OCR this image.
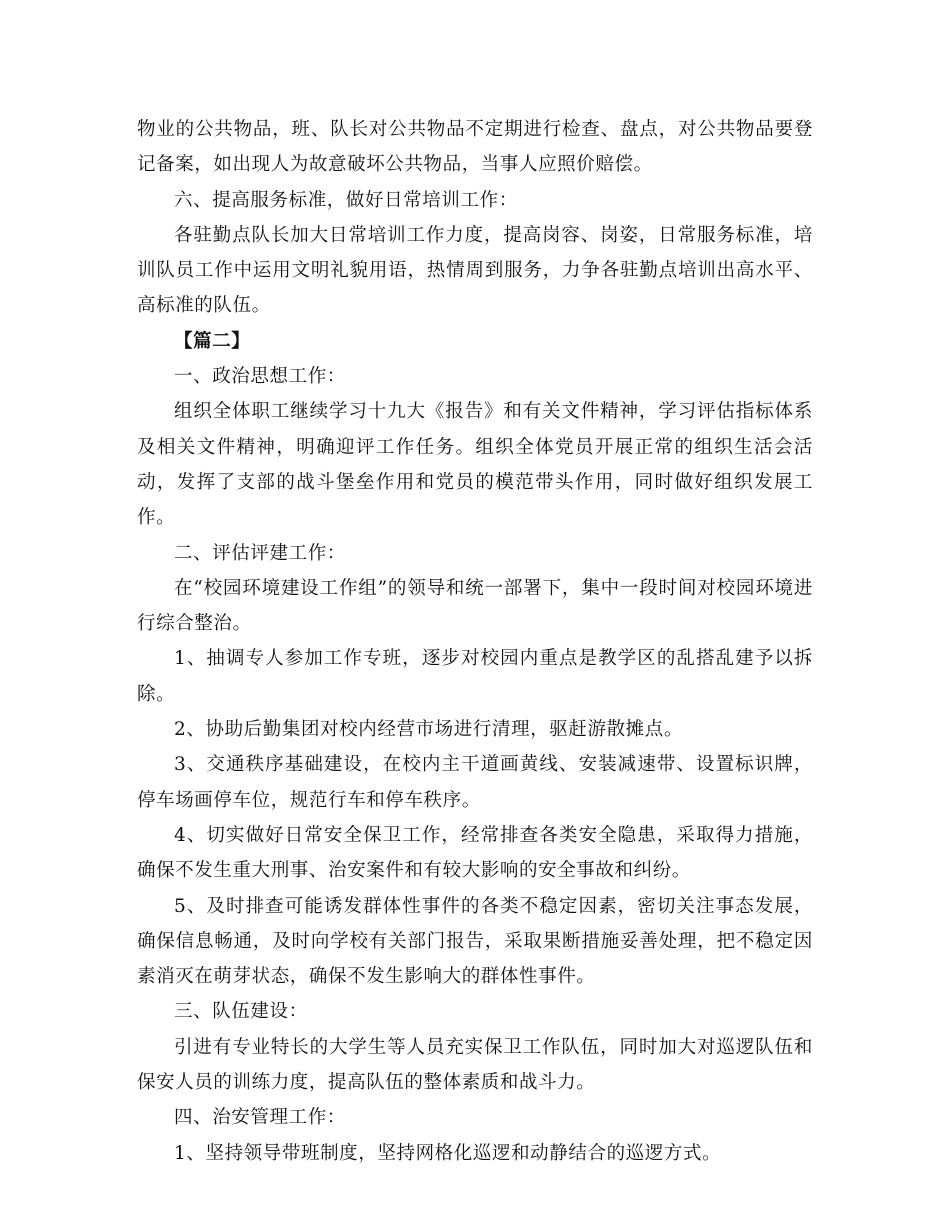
物业的公共物品，班、队长对公共物品不定期进行检查、盘点，对公共物品要登记备案，如出现人为故意破坏公共物品，当事人应照价赔偿。

六、提高服务标准，做好日常培训工作：

各驻勤点队长加大日常培训工作力度，提高岗容、岗姿，日常服务标准，培训队员工作中运用文明礼貌用语，热情周到服务，力争各驻勤点培训出高水平、高标准的队伍。

【篇二】

一、政治思想工作：

组织全体职工继续学习十九大《报告》和有关文件精神，学习评估指标体系及相关文件精神，明确迎评工作任务。组织全体党员开展正常的组织生活会活动，发挥了支部的战斗堡垒作用和党员的模范带头作用，同时做好组织发展工作。

二、评估评建工作：

在“校园环境建设工作组”的领导和统一部署下，集中一段时间对校园环境进行综合整治。

1、抽调专人参加工作专班，逐步对校园内重点是教学区的乱搭乱建予以拆除。

2、协助后勤集团对校内经营市场进行清理，驱赶游散摊点。

3、交通秩序基础建设，在校内主干道画黄线、安装减速带、设置标识牌，停车场画停车位，规范行车和停车秩序。

4、切实做好日常安全保卫工作，经常排查各类安全隐患，采取得力措施，确保不发生重大刑事、治安案件和有较大影响的安全事故和纠纷。

5、及时排查可能诱发群体性事件的各类不稳定因素，密切关注事态发展，确保信息畅通，及时向学校有关部门报告，采取果断措施妥善处理，把不稳定因素消灭在萌芽状态，确保不发生影响大的群体性事件。

三、队伍建设：

引进有专业特长的大学生等人员充实保卫工作队伍，同时加大对巡逻队伍和保安人员的训练力度，提高队伍的整体素质和战斗力。

四、治安管理工作：

1、坚持领导带班制度，坚持网格化巡逻和动静结合的巡逻方式。
